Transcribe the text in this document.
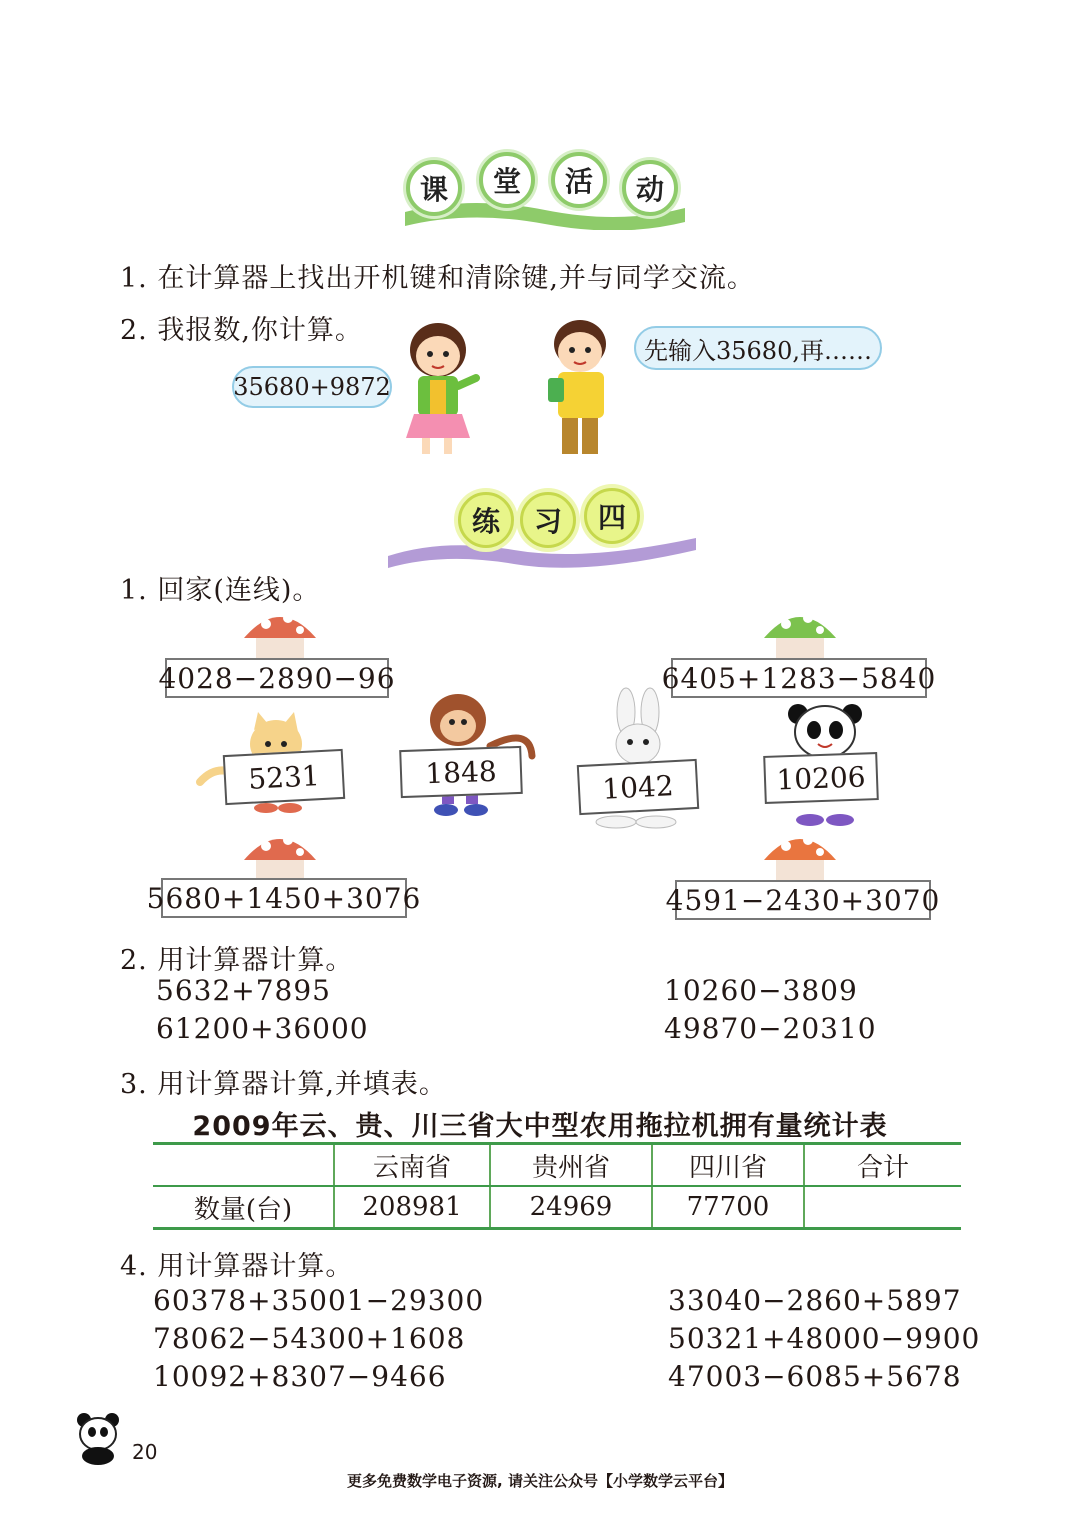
课	堂	活	动
1. 在计算器上找出开机键和清除键,并与同学交流。
2. 我报数,你计算。
35680+9872
先输入35680,再……
练	习	四
1. 回家(连线)。
4028−2890−96	6405+1283−5840
5680+1450+3076	4591−2430+3070
5231	1848	1042	10206
2. 用计算器计算。
5632+7895	10260−3809
61200+36000	49870−20310
3. 用计算器计算,并填表。
2009年云、贵、川三省大中型农用拖拉机拥有量统计表
	云南省	贵州省	四川省	合计
数量(台)	208981	24969	77700	
4. 用计算器计算。
60378+35001−29300	33040−2860+5897
78062−54300+1608	50321+48000−9900
10092+8307−9466	47003−6085+5678
20
更多免费数学电子资源, 请关注公众号【小学数学云平台】
